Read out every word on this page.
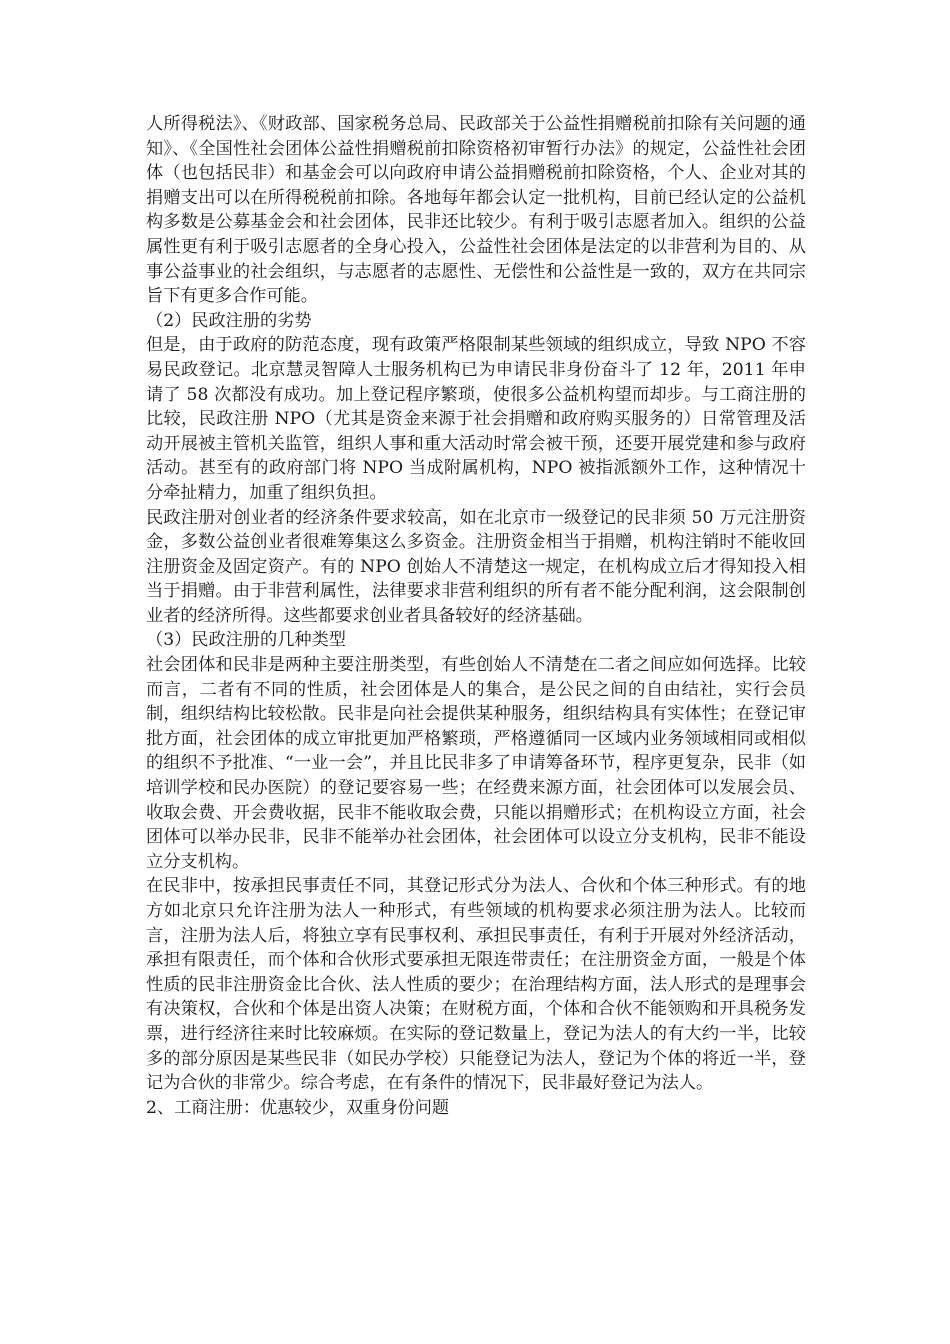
人所得税法》、《财政部、国家税务总局、民政部关于公益性捐赠税前扣除有关问题的通知》、《全国性社会团体公益性捐赠税前扣除资格初审暂行办法》的规定，公益性社会团体（也包括民非）和基金会可以向政府申请公益捐赠税前扣除资格，个人、企业对其的捐赠支出可以在所得税税前扣除。各地每年都会认定一批机构，目前已经认定的公益机构多数是公募基金会和社会团体，民非还比较少。有利于吸引志愿者加入。组织的公益属性更有利于吸引志愿者的全身心投入，公益性社会团体是法定的以非营利为目的、从事公益事业的社会组织，与志愿者的志愿性、无偿性和公益性是一致的，双方在共同宗旨下有更多合作可能。

（2）民政注册的劣势

但是，由于政府的防范态度，现有政策严格限制某些领域的组织成立，导致 NPO 不容易民政登记。北京慧灵智障人士服务机构已为申请民非身份奋斗了 12 年，2011 年申请了 58 次都没有成功。加上登记程序繁琐，使很多公益机构望而却步。与工商注册的比较，民政注册 NPO（尤其是资金来源于社会捐赠和政府购买服务的）日常管理及活动开展被主管机关监管，组织人事和重大活动时常会被干预，还要开展党建和参与政府活动。甚至有的政府部门将 NPO 当成附属机构，NPO 被指派额外工作，这种情况十分牵扯精力，加重了组织负担。

民政注册对创业者的经济条件要求较高，如在北京市一级登记的民非须 50 万元注册资金，多数公益创业者很难筹集这么多资金。注册资金相当于捐赠，机构注销时不能收回注册资金及固定资产。有的 NPO 创始人不清楚这一规定，在机构成立后才得知投入相当于捐赠。由于非营利属性，法律要求非营利组织的所有者不能分配利润，这会限制创业者的经济所得。这些都要求创业者具备较好的经济基础。

（3）民政注册的几种类型

社会团体和民非是两种主要注册类型，有些创始人不清楚在二者之间应如何选择。比较而言，二者有不同的性质，社会团体是人的集合，是公民之间的自由结社，实行会员制，组织结构比较松散。民非是向社会提供某种服务，组织结构具有实体性；在登记审批方面，社会团体的成立审批更加严格繁琐，严格遵循同一区域内业务领域相同或相似的组织不予批准、“一业一会”，并且比民非多了申请筹备环节，程序更复杂，民非（如培训学校和民办医院）的登记要容易一些；在经费来源方面，社会团体可以发展会员、收取会费、开会费收据，民非不能收取会费，只能以捐赠形式；在机构设立方面，社会团体可以举办民非，民非不能举办社会团体，社会团体可以设立分支机构，民非不能设立分支机构。

在民非中，按承担民事责任不同，其登记形式分为法人、合伙和个体三种形式。有的地方如北京只允许注册为法人一种形式，有些领域的机构要求必须注册为法人。比较而言，注册为法人后，将独立享有民事权利、承担民事责任，有利于开展对外经济活动，承担有限责任，而个体和合伙形式要承担无限连带责任；在注册资金方面，一般是个体性质的民非注册资金比合伙、法人性质的要少；在治理结构方面，法人形式的是理事会有决策权，合伙和个体是出资人决策；在财税方面，个体和合伙不能领购和开具税务发票，进行经济往来时比较麻烦。在实际的登记数量上，登记为法人的有大约一半，比较多的部分原因是某些民非（如民办学校）只能登记为法人，登记为个体的将近一半，登记为合伙的非常少。综合考虑，在有条件的情况下，民非最好登记为法人。

2、工商注册：优惠较少，双重身份问题
